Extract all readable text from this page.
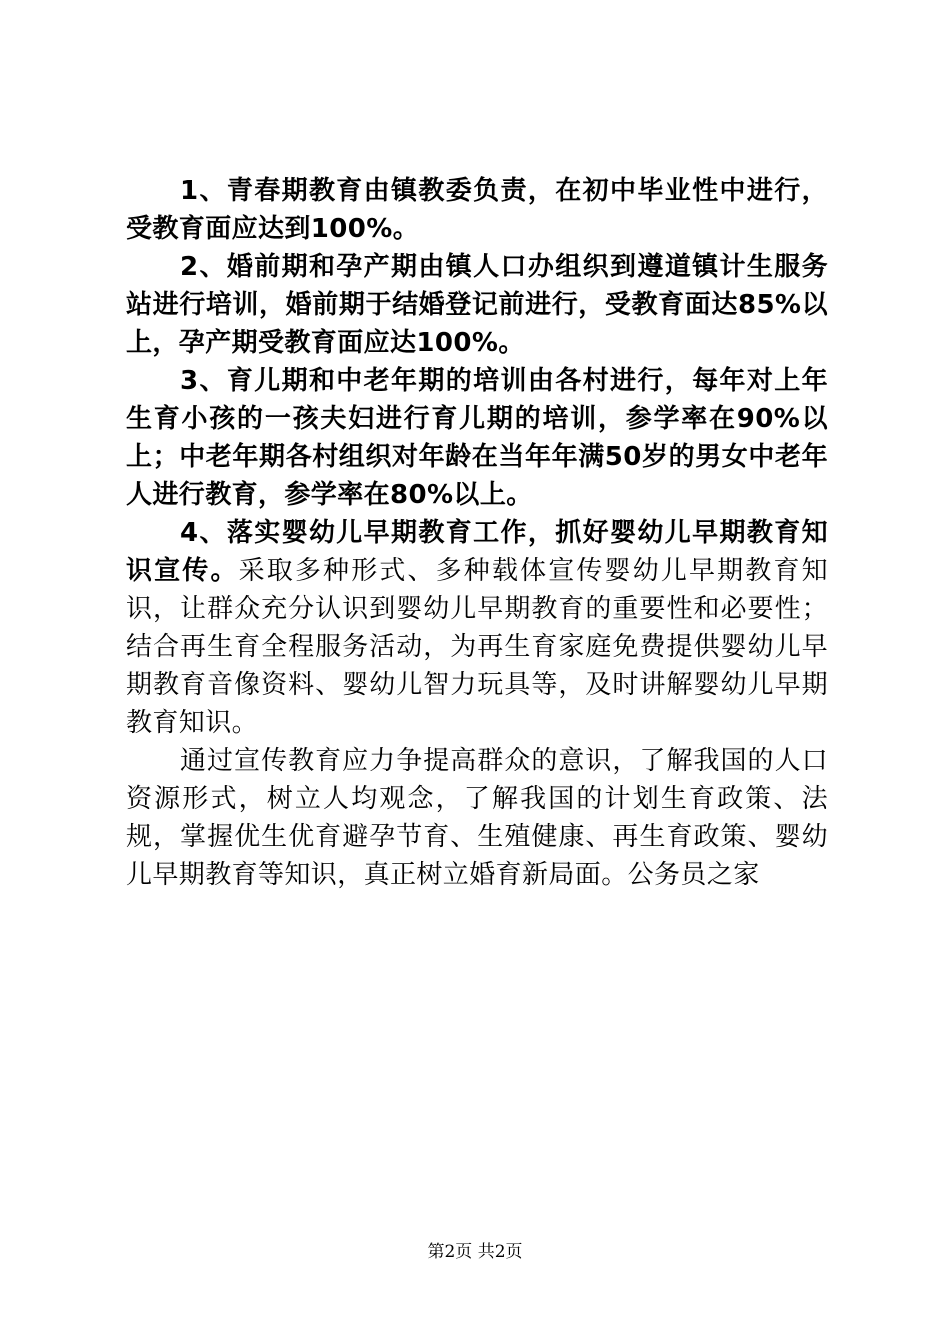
1、青春期教育由镇教委负责，在初中毕业性中进行，受教育面应达到100%。

2、婚前期和孕产期由镇人口办组织到遵道镇计生服务站进行培训，婚前期于结婚登记前进行，受教育面达85%以上，孕产期受教育面应达100%。

3、育儿期和中老年期的培训由各村进行，每年对上年生育小孩的一孩夫妇进行育儿期的培训，参学率在90%以上；中老年期各村组织对年龄在当年年满50岁的男女中老年人进行教育，参学率在80%以上。

4、落实婴幼儿早期教育工作，抓好婴幼儿早期教育知识宣传。采取多种形式、多种载体宣传婴幼儿早期教育知识，让群众充分认识到婴幼儿早期教育的重要性和必要性；结合再生育全程服务活动，为再生育家庭免费提供婴幼儿早期教育音像资料、婴幼儿智力玩具等，及时讲解婴幼儿早期教育知识。

通过宣传教育应力争提高群众的意识，了解我国的人口资源形式，树立人均观念，了解我国的计划生育政策、法规，掌握优生优育避孕节育、生殖健康、再生育政策、婴幼儿早期教育等知识，真正树立婚育新局面。公务员之家

第2页 共2页
